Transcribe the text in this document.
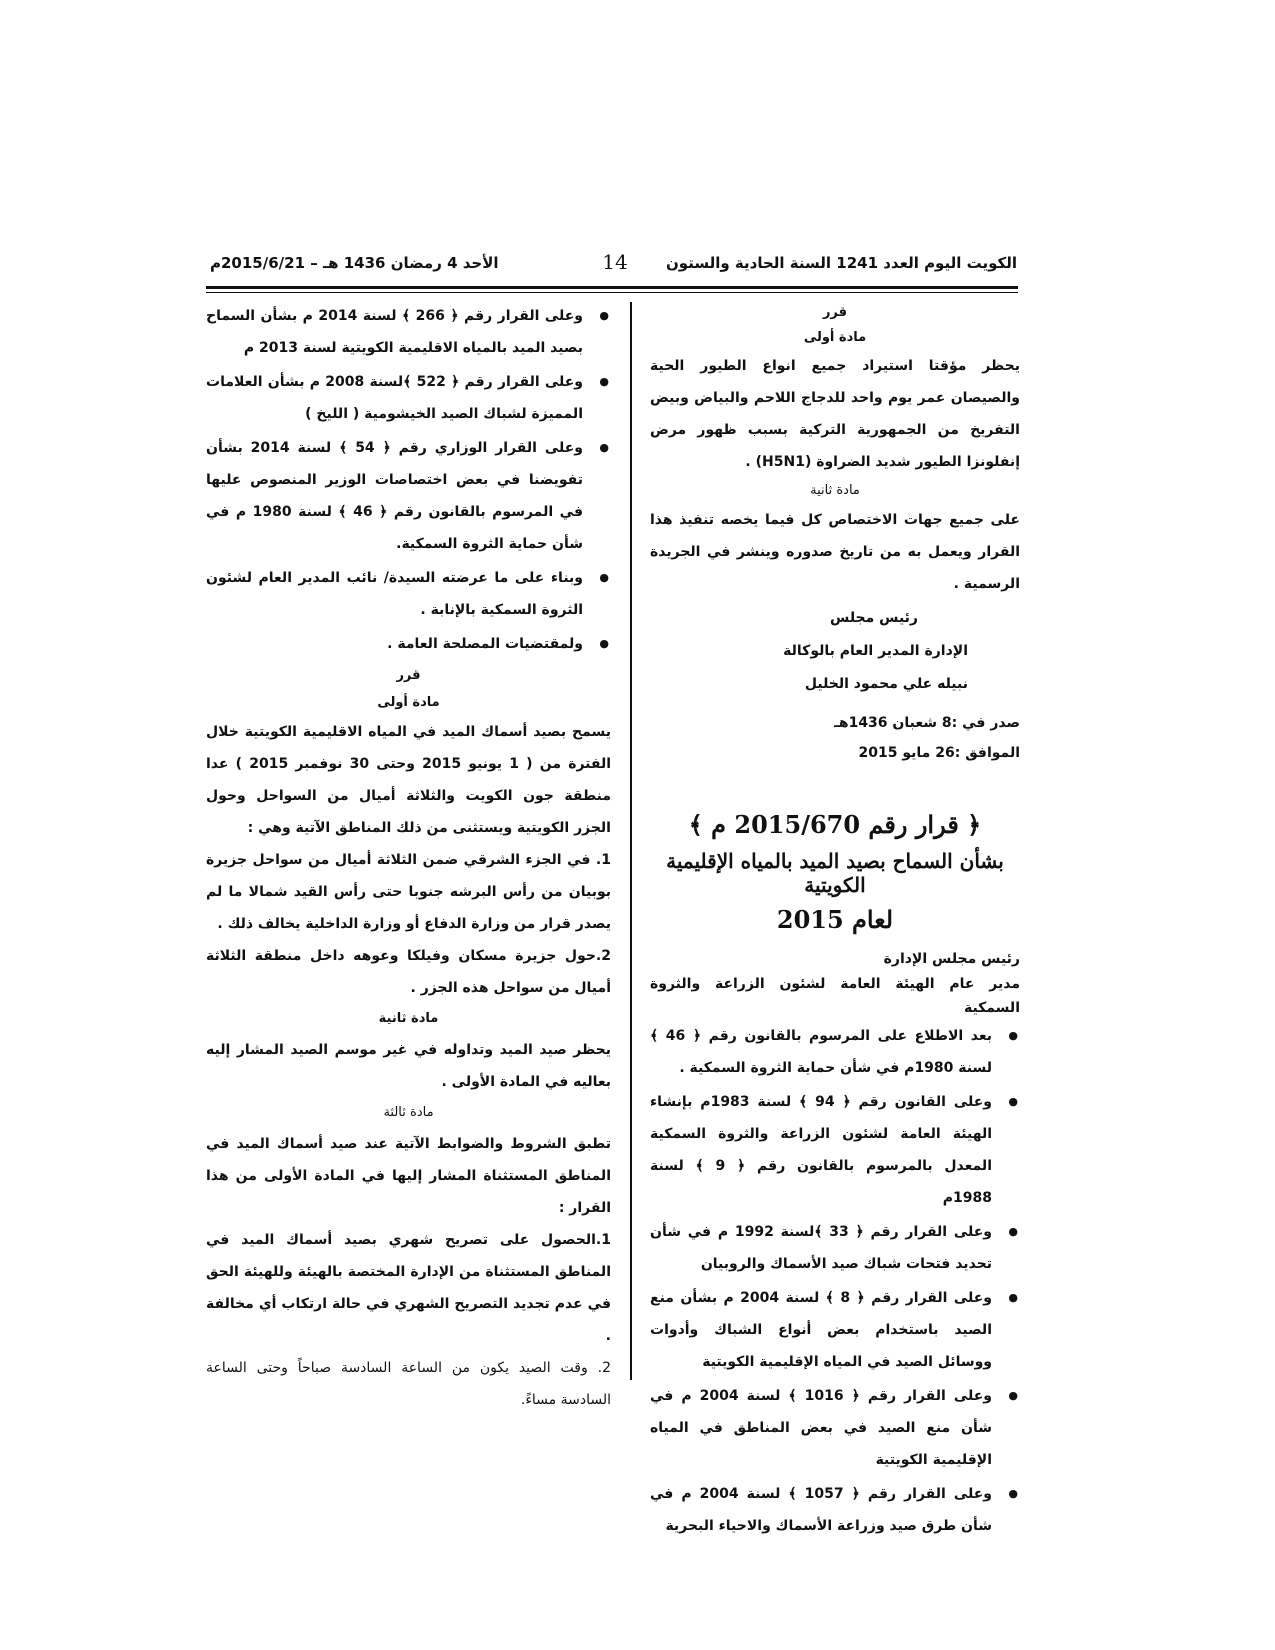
الكويت اليوم العدد 1241 السنة الحادية والستون
14
الأحد 4 رمضان 1436 هـ – 2015/6/21م
قرر
مادة أولى

يحظر مؤقتا استيراد جميع انواع الطيور الحية والصيصان عمر يوم واحد للدجاج اللاحم والبياض وبيض التفريخ من الجمهورية التركية بسبب ظهور مرض إنفلونزا الطيور شديد الضراوة (H5N1) .

مادة ثانية

على جميع جهات الاختصاص كل فيما يخصه تنفيذ هذا القرار ويعمل به من تاريخ صدوره وينشر في الجريدة الرسمية .

رئيس مجلس
الإدارة المدير العام بالوكالة
نبيله علي محمود الخليل
صدر في :8 شعبان 1436هـ
الموافق :26 مايو 2015
﴿ قرار رقم 2015/670 م ﴾
بشأن السماح بصيد الميد بالمياه الإقليمية الكويتية
لعام 2015
رئيس مجلس الإدارة
مدير عام الهيئة العامة لشئون الزراعة والثروة السمكية
● بعد الاطلاع على المرسوم بالقانون رقم ﴿ 46 ﴾ لسنة 1980م في شأن حماية الثروة السمكية .
● وعلى القانون رقم ﴿ 94 ﴾ لسنة 1983م بإنشاء الهيئة العامة لشئون الزراعة والثروة السمكية المعدل بالمرسوم بالقانون رقم ﴿ 9 ﴾ لسنة 1988م
● وعلى القرار رقم ﴿ 33 ﴾لسنة 1992 م في شأن تحديد فتحات شباك صيد الأسماك والروبيان
● وعلى القرار رقم ﴿ 8 ﴾ لسنة 2004 م بشأن منع الصيد باستخدام بعض أنواع الشباك وأدوات ووسائل الصيد في المياه الإقليمية الكويتية
● وعلى القرار رقم ﴿ 1016 ﴾ لسنة 2004 م في شأن منع الصيد في بعض المناطق في المياه الإقليمية الكويتية
● وعلى القرار رقم ﴿ 1057 ﴾ لسنة 2004 م في شأن طرق صيد وزراعة الأسماك والاحياء البحرية
● وعلى القرار رقم ﴿ 266 ﴾ لسنة 2014 م بشأن السماح بصيد الميد بالمياه الاقليمية الكويتية لسنة 2013 م
● وعلى القرار رقم ﴿ 522 ﴾لسنة 2008 م بشأن العلامات المميزة لشباك الصيد الخيشومية ( الليخ )
● وعلى القرار الوزاري رقم ﴿ 54 ﴾ لسنة 2014 بشأن تفويضنا في بعض اختصاصات الوزير المنصوص عليها في المرسوم بالقانون رقم ﴿ 46 ﴾ لسنة 1980 م في شأن حماية الثروة السمكية.
● وبناء على ما عرضته السيدة/ نائب المدير العام لشئون الثروة السمكية بالإنابة .
● ولمقتضيات المصلحة العامة .
قرر
مادة أولى

يسمح بصيد أسماك الميد في المياه الاقليمية الكويتية خلال الفترة من ( 1 يونيو 2015 وحتى 30 نوفمبر 2015 ) عدا منطقة جون الكويت والثلاثة أميال من السواحل وحول الجزر الكويتية ويستثنى من ذلك المناطق الآتية وهي :

1. في الجزء الشرقي ضمن الثلاثة أميال من سواحل جزيرة بوبيان من رأس البرشه جنوبا حتى رأس القيد شمالا ما لم يصدر قرار من وزارة الدفاع أو وزارة الداخلية يخالف ذلك .

2.حول جزيرة مسكان وفيلكا وعوهه داخل منطقة الثلاثة أميال من سواحل هذه الجزر .

مادة ثانية

يحظر صيد الميد وتداوله في غير موسم الصيد المشار إليه بعاليه في المادة الأولى .

مادة ثالثة

تطبق الشروط والضوابط الآتية عند صيد أسماك الميد في المناطق المستثناة المشار إليها في المادة الأولى من هذا القرار :

1.الحصول على تصريح شهري بصيد أسماك الميد في المناطق المستثناة من الإدارة المختصة بالهيئة وللهيئة الحق في عدم تجديد التصريح الشهري في حالة ارتكاب أي مخالفة .

2. وقت الصيد يكون من الساعة السادسة صباحاً وحتى الساعة السادسة مساءً.
